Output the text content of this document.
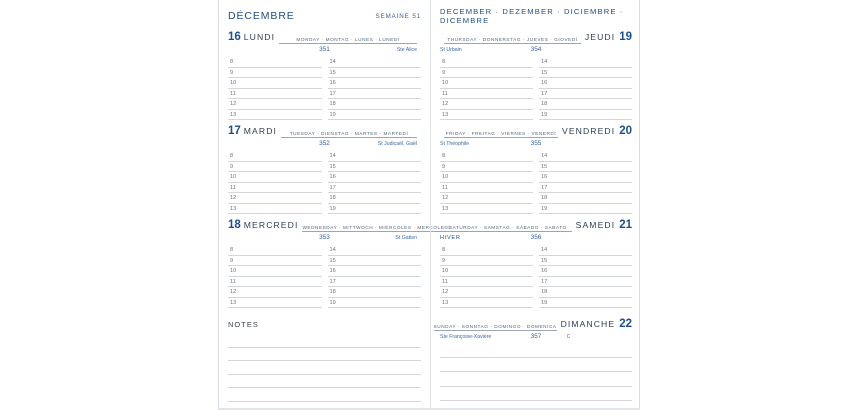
DÉCEMBRE	SEMAINE 51
16 LUNDI	MONDAY · MONTAG · LUNES · LUNEDÌ
351	Ste Alice
8	14
9	15
10	16
11	17
12	18
13	19
17 MARDI	TUESDAY · DIENSTAG · MARTES · MARTEDÌ
352	St Judicaël, Gaël
8	14
9	15
10	16
11	17
12	18
13	19
18 MERCREDI WEDNESDAY · MITTWOCH · MIÉRCOLES · MERCOLEDÌ
353	St Gatien
8	14
9	15
10	16
11	17
12	18
13	19
NOTES
DECEMBER · DEZEMBER · DICIEMBRE · DICEMBRE
JEUDI 19
THURSDAY · DONNERSTAG · JUEVES · GIOVEDÌ
St Urbain	354
8	14
9	15
10	16
11	17
12	18
13	19
VENDREDI 20
FRIDAY · FREITAG · VIERNES · VENERDÌ
St Théophile	355
8	14
9	15
10	16
11	17
12	18
13	19
SAMEDI 21
SATURDAY · SAMSTAG · SÁBADO · SABATO
HIVER	356
8	14
9	15
10	16
11	17
12	18
13	19
DIMANCHE 22
SUNDAY · SONNTAG · DOMINGO · DOMENICA
Ste Françoise-Xavière	357	C
